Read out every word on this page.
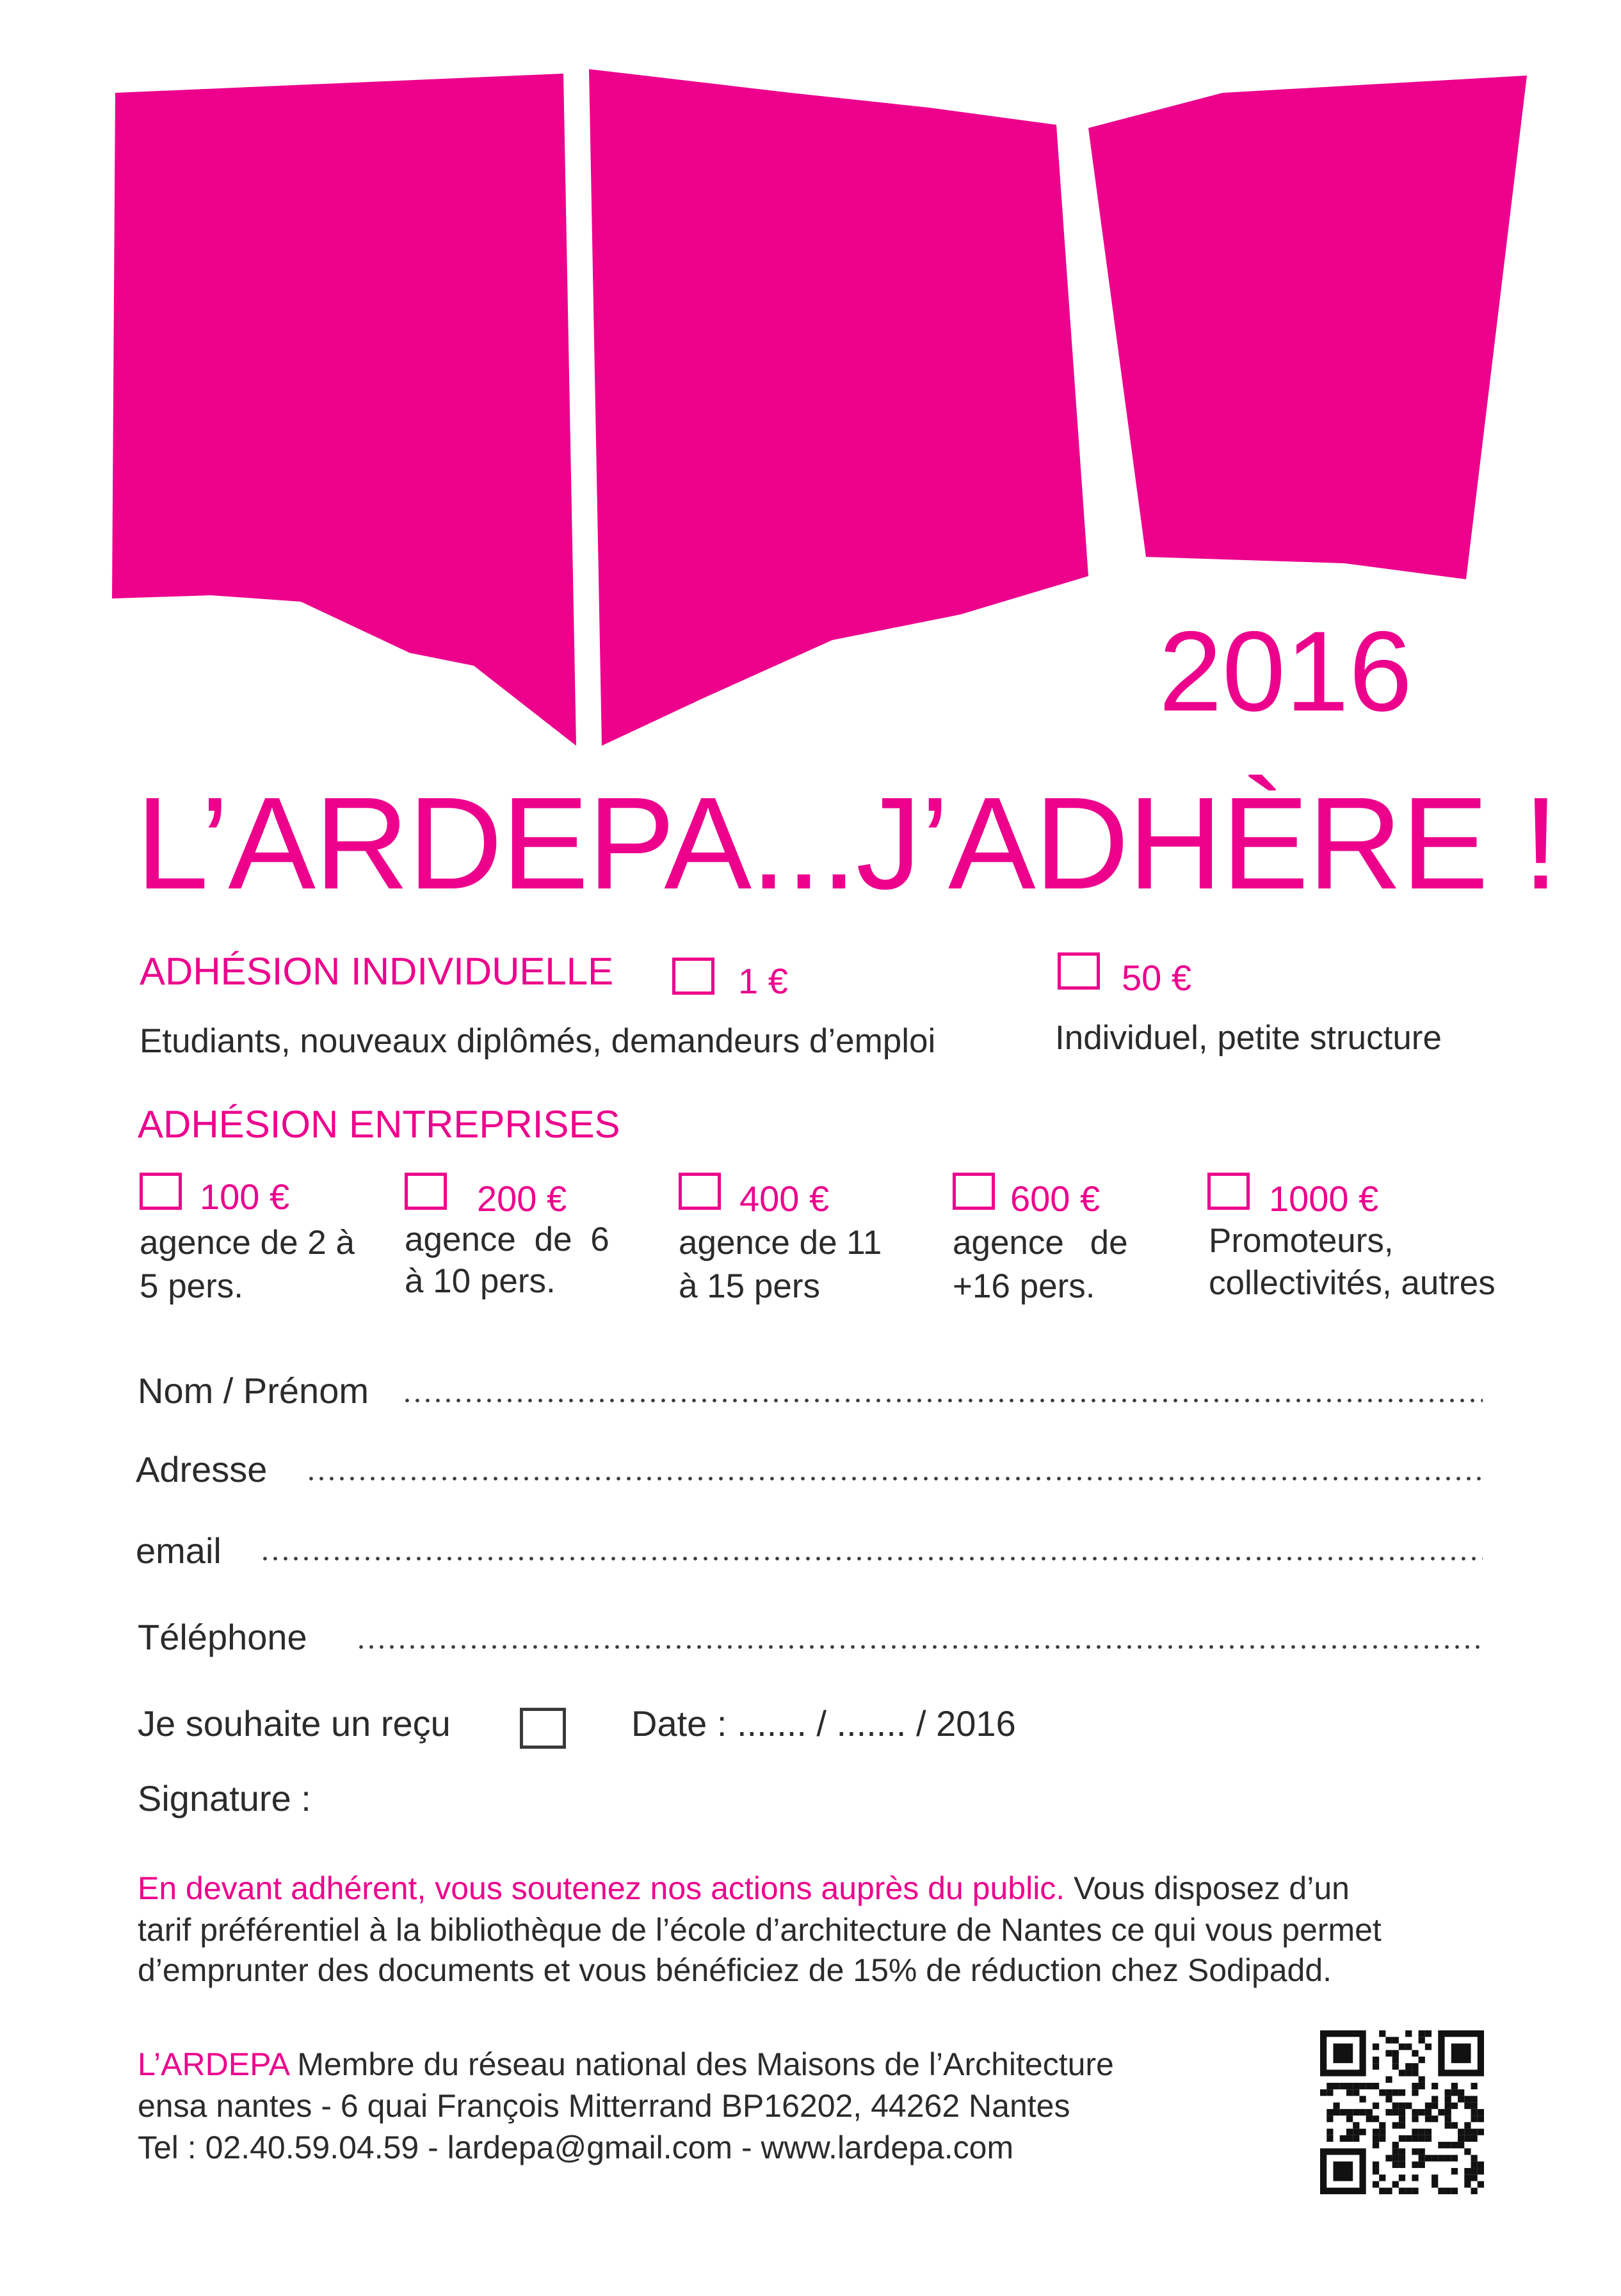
2016
L’ARDEPA...J’ADHÈRE !
ADHÉSION INDIVIDUELLE	1 €	50 €
Etudiants, nouveaux diplômés, demandeurs d’emploi	Individuel, petite structure
ADHÉSION ENTREPRISES
100 €
agence de 2 à
5 pers.
200 €
agence de 6
à 10 pers.
400 €
agence de 11
à 15 pers
600 €
agence de
+16 pers.
1000 €
Promoteurs,
collectivités, autres
Nom / Prénom
Adresse
email
Téléphone
Je souhaite un reçu	Date : ....... / ....... / 2016
Signature :
En devant adhérent, vous soutenez nos actions auprès du public. Vous disposez d’un
tarif préférentiel à la bibliothèque de l’école d’architecture de Nantes ce qui vous permet
d’emprunter des documents et vous bénéficiez de 15% de réduction chez Sodipadd.
L’ARDEPA Membre du réseau national des Maisons de l’Architecture
ensa nantes - 6 quai François Mitterrand BP16202, 44262 Nantes
Tel : 02.40.59.04.59 - lardepa@gmail.com - www.lardepa.com
